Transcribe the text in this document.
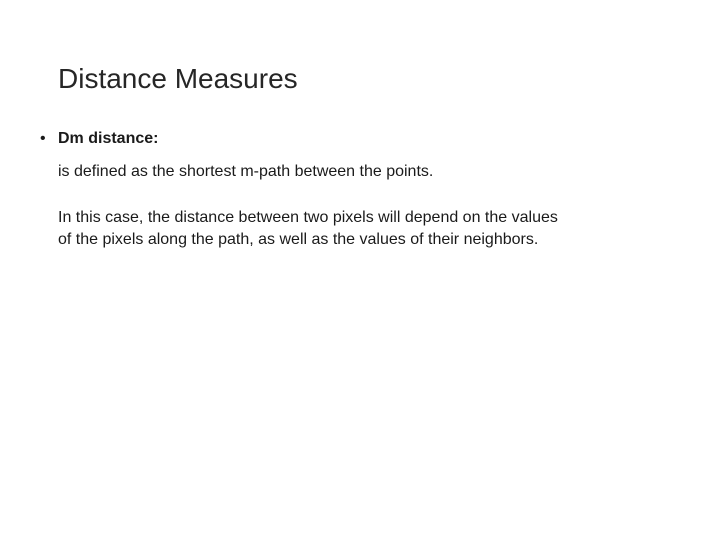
Distance Measures
• Dm distance:
is defined as the shortest m-path between the points.
In this case, the distance between two pixels will depend on the values
of the pixels along the path, as well as the values of their neighbors.
